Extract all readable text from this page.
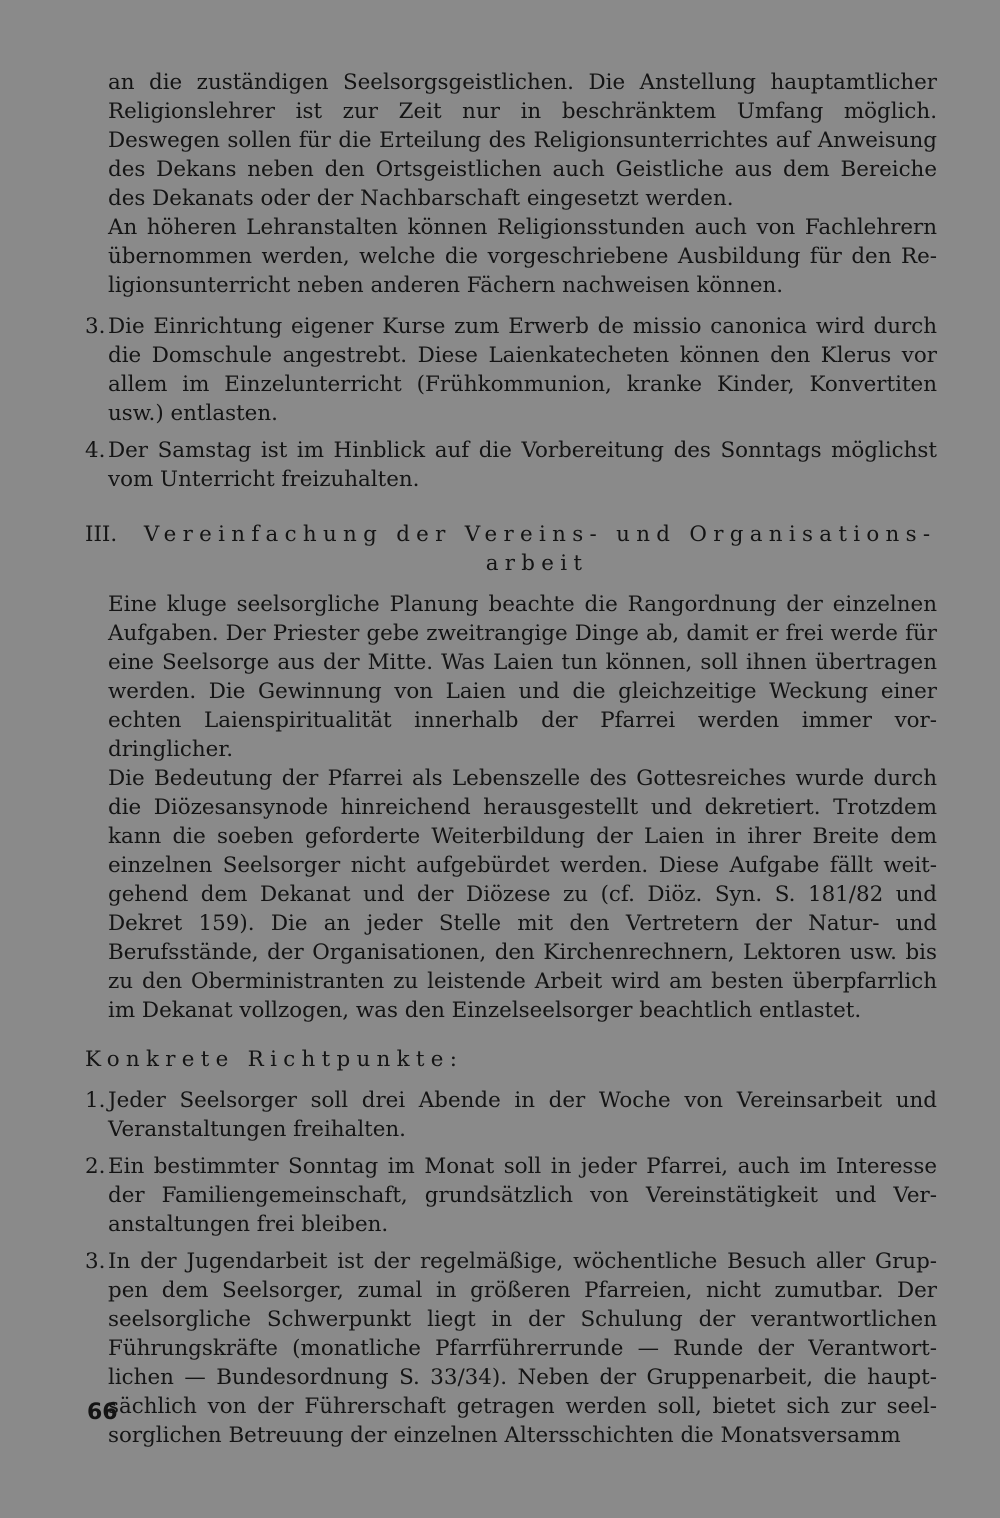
an die zuständigen Seelsorgsgeistlichen. Die Anstellung hauptamtlicher Religionslehrer ist zur Zeit nur in beschränktem Umfang möglich. Deswegen sollen für die Erteilung des Religionsunterrichtes auf Anweisung des Dekans neben den Ortsgeistlichen auch Geistliche aus dem Bereiche des Dekanats oder der Nachbarschaft eingesetzt werden.

An höheren Lehranstalten können Religionsstunden auch von Fachlehrern übernommen werden, welche die vorgeschriebene Ausbildung für den Religionsunterricht neben anderen Fächern nachweisen können.

3. Die Einrichtung eigener Kurse zum Erwerb de missio canonica wird durch die Domschule angestrebt. Diese Laienkatecheten können den Klerus vor allem im Einzelunterricht (Frühkommunion, kranke Kinder, Konvertiten usw.) entlasten.
4. Der Samstag ist im Hinblick auf die Vorbereitung des Sonntags möglichst vom Unterricht freizuhalten.
III.	Vereinfachung der Vereins- und Organisationsarbeit

Eine kluge seelsorgliche Planung beachte die Rangordnung der einzelnen Aufgaben. Der Priester gebe zweitrangige Dinge ab, damit er frei werde für eine Seelsorge aus der Mitte. Was Laien tun können, soll ihnen übertragen werden. Die Gewinnung von Laien und die gleichzeitige Weckung einer echten Laienspiritualität innerhalb der Pfarrei werden immer vordringlicher.

Die Bedeutung der Pfarrei als Lebenszelle des Gottesreiches wurde durch die Diözesansynode hinreichend herausgestellt und dekretiert. Trotzdem kann die soeben geforderte Weiterbildung der Laien in ihrer Breite dem einzelnen Seelsorger nicht aufgebürdet werden. Diese Aufgabe fällt weitgehend dem Dekanat und der Diözese zu (cf. Diöz. Syn. S. 181/82 und Dekret 159). Die an jeder Stelle mit den Vertretern der Natur- und Berufsstände, der Organisationen, den Kirchenrechnern, Lektoren usw. bis zu den Oberministranten zu leistende Arbeit wird am besten überpfarrlich im Dekanat vollzogen, was den Einzelseelsorger beachtlich entlastet.

Konkrete Richtpunkte:

1. Jeder Seelsorger soll drei Abende in der Woche von Vereinsarbeit und Veranstaltungen freihalten.
2. Ein bestimmter Sonntag im Monat soll in jeder Pfarrei, auch im Interesse der Familiengemeinschaft, grundsätzlich von Vereinstätigkeit und Veranstaltungen frei bleiben.
3. In der Jugendarbeit ist der regelmäßige, wöchentliche Besuch aller Gruppen dem Seelsorger, zumal in größeren Pfarreien, nicht zumutbar. Der seelsorgliche Schwerpunkt liegt in der Schulung der verantwortlichen Führungskräfte (monatliche Pfarrführerrunde — Runde der Verantwortlichen — Bundesordnung S. 33/34). Neben der Gruppenarbeit, die hauptsächlich von der Führerschaft getragen werden soll, bietet sich zur seelsorglichen Betreuung der einzelnen Altersschichten die Monatsversamm
66
